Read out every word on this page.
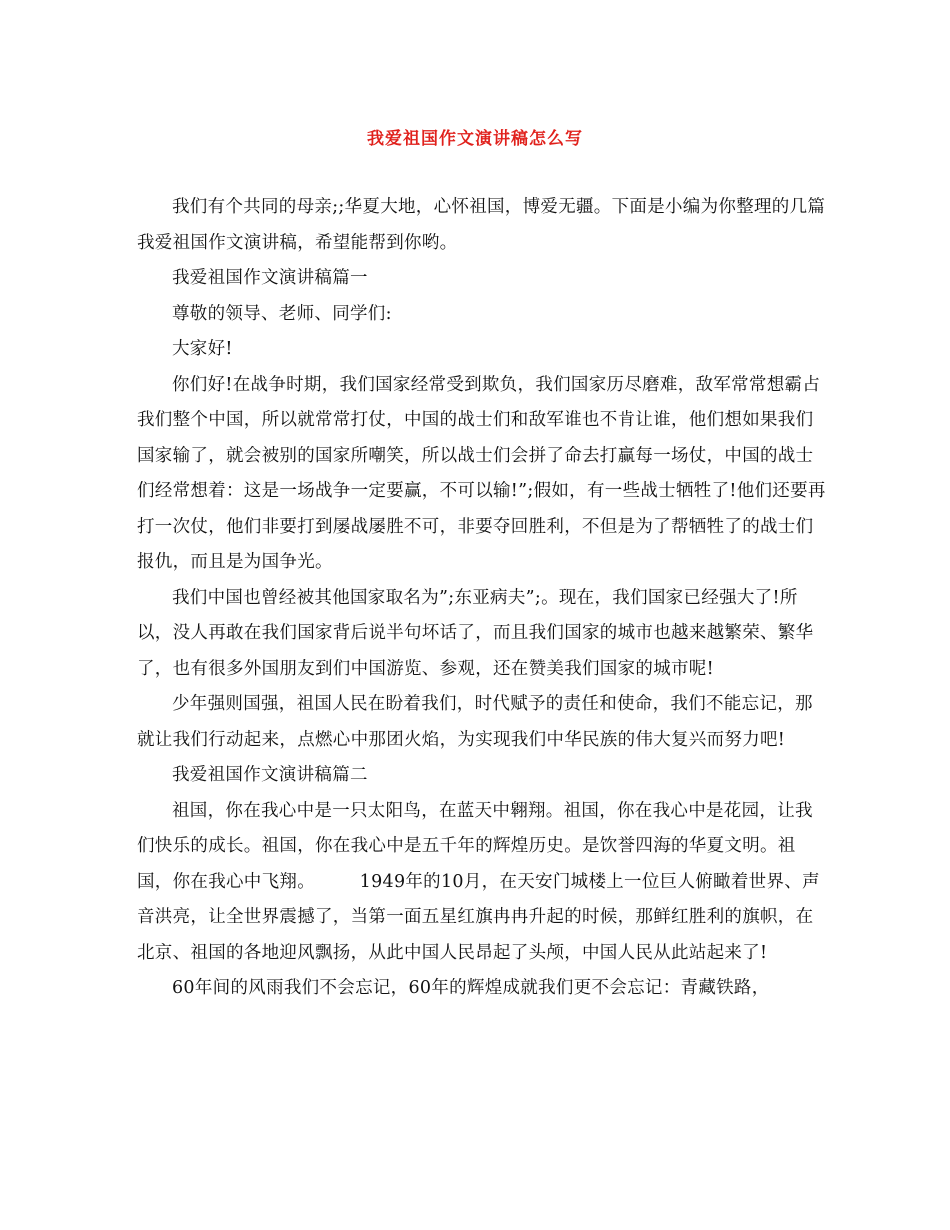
我爱祖国作文演讲稿怎么写

我们有个共同的母亲;;华夏大地，心怀祖国，博爱无疆。下面是小编为你整理的几篇我爱祖国作文演讲稿，希望能帮到你哟。

我爱祖国作文演讲稿篇一

尊敬的领导、老师、同学们:

大家好!

你们好!在战争时期，我们国家经常受到欺负，我们国家历尽磨难，敌军常常想霸占我们整个中国，所以就常常打仗，中国的战士们和敌军谁也不肯让谁，他们想如果我们国家输了，就会被别的国家所嘲笑，所以战士们会拼了命去打赢每一场仗，中国的战士们经常想着：这是一场战争一定要赢，不可以输!”;假如，有一些战士牺牲了!他们还要再打一次仗，他们非要打到屡战屡胜不可，非要夺回胜利，不但是为了帮牺牲了的战士们报仇，而且是为国争光。

我们中国也曾经被其他国家取名为”;东亚病夫”;。现在，我们国家已经强大了!所以，没人再敢在我们国家背后说半句坏话了，而且我们国家的城市也越来越繁荣、繁华了，也有很多外国朋友到们中国游览、参观，还在赞美我们国家的城市呢!

少年强则国强，祖国人民在盼着我们，时代赋予的责任和使命，我们不能忘记，那就让我们行动起来，点燃心中那团火焰，为实现我们中华民族的伟大复兴而努力吧!

我爱祖国作文演讲稿篇二

祖国，你在我心中是一只太阳鸟，在蓝天中翱翔。祖国，你在我心中是花园，让我们快乐的成长。祖国，你在我心中是五千年的辉煌历史。是饮誉四海的华夏文明。祖国，你在我心中飞翔。　　　1949年的10月，在天安门城楼上一位巨人俯瞰着世界、声音洪亮，让全世界震撼了，当第一面五星红旗冉冉升起的时候，那鲜红胜利的旗帜，在北京、祖国的各地迎风飘扬，从此中国人民昂起了头颅，中国人民从此站起来了!

60年间的风雨我们不会忘记，60年的辉煌成就我们更不会忘记：青藏铁路，
